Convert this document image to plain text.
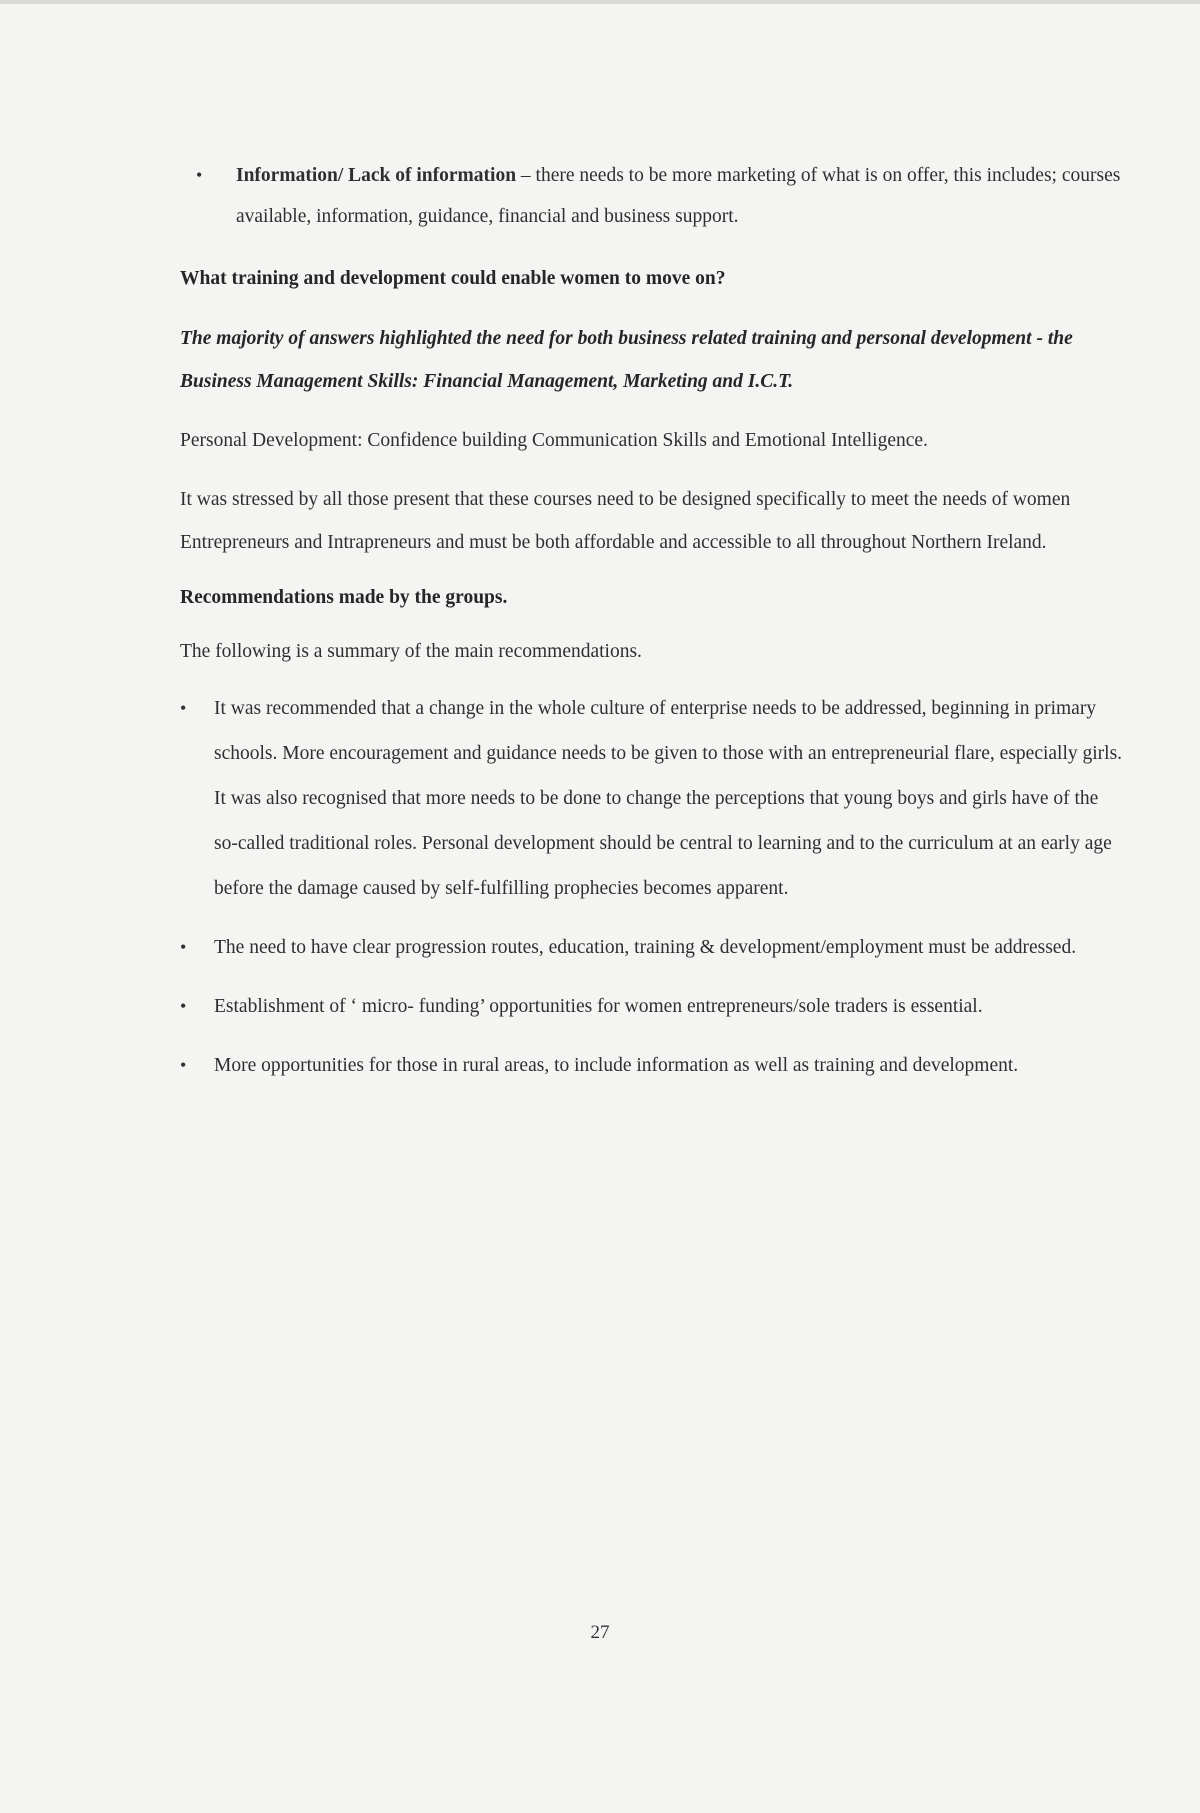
• Information/ Lack of information – there needs to be more marketing of what is on offer, this includes; courses available, information, guidance, financial and business support.
What training and development could enable women to move on?
The majority of answers highlighted the need for both business related training and personal development - the Business Management Skills: Financial Management, Marketing and I.C.T.
Personal Development: Confidence building Communication Skills and Emotional Intelligence.
It was stressed by all those present that these courses need to be designed specifically to meet the needs of women Entrepreneurs and Intrapreneurs and must be both affordable and accessible to all throughout Northern Ireland.
Recommendations made by the groups.
The following is a summary of the main recommendations.
• It was recommended that a change in the whole culture of enterprise needs to be addressed, beginning in primary schools. More encouragement and guidance needs to be given to those with an entrepreneurial flare, especially girls. It was also recognised that more needs to be done to change the perceptions that young boys and girls have of the so-called traditional roles. Personal development should be central to learning and to the curriculum at an early age before the damage caused by self-fulfilling prophecies becomes apparent.
• The need to have clear progression routes, education, training & development/employment must be addressed.
• Establishment of ‘ micro- funding’ opportunities for women entrepreneurs/sole traders is essential.
• More opportunities for those in rural areas, to include information as well as training and development.
27
